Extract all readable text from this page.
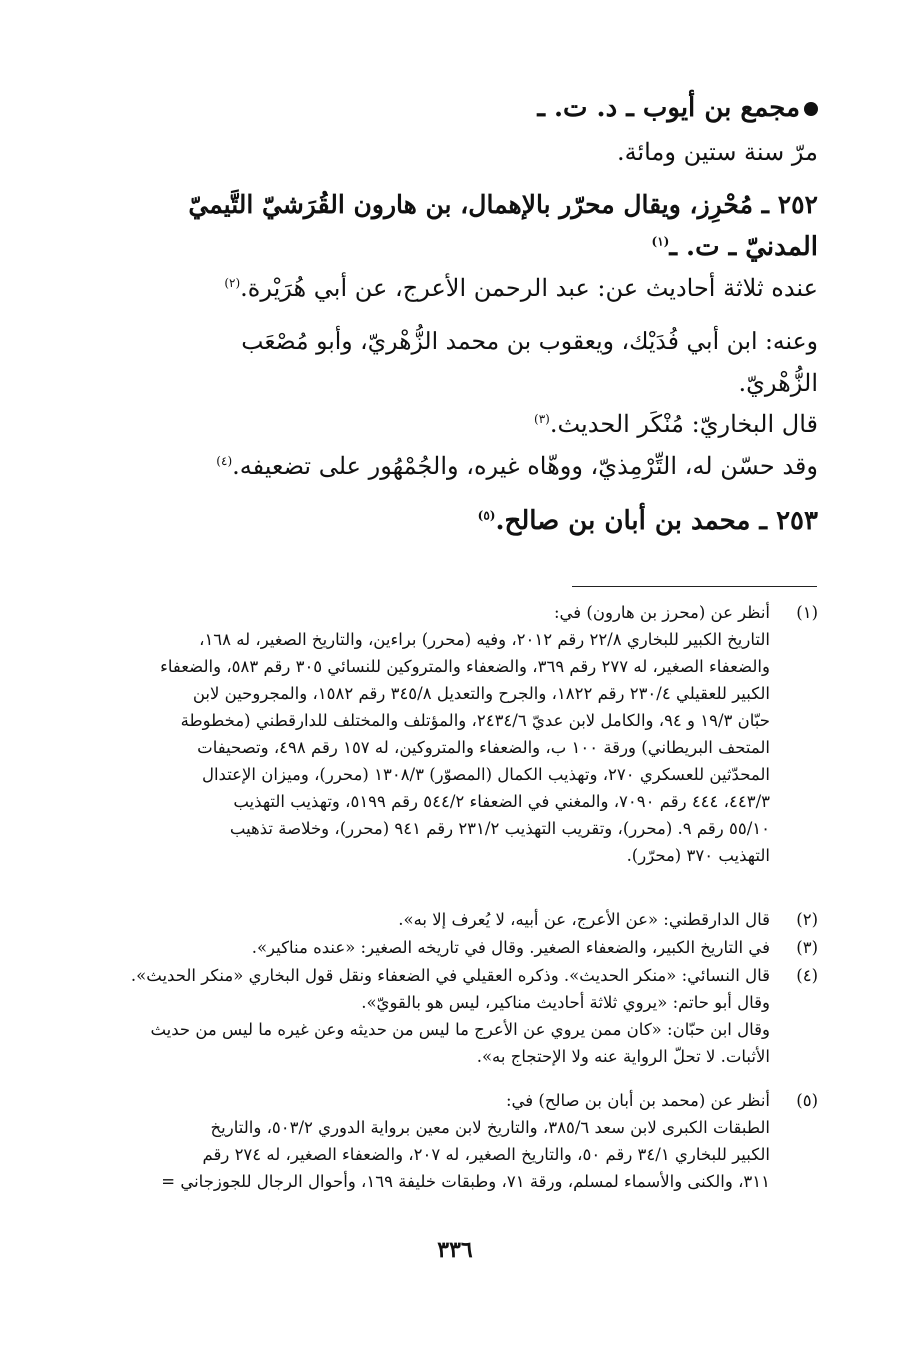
مجمع بن أيوب ـ د. ت. ـ
مرّ سنة ستين ومائة.
٢٥٢ ـ مُحْرِز، ويقال محرّر بالإهمال، بن هارون القُرَشيّ التَّيميّ
المدنيّ ـ ت. ـ$^{(١)}$
عنده ثلاثة أحاديث عن: عبد الرحمن الأعرج، عن أبي هُرَيْرة.$^{(٢)}$
وعنه: ابن أبي فُدَيْك، ويعقوب بن محمد الزُّهْريّ، وأبو مُصْعَب
الزُّهْريّ.
قال البخاريّ: مُنْكَر الحديث.$^{(٣)}$
وقد حسّن له، التِّرْمِذيّ، ووهّاه غيره، والجُمْهُور على تضعيفه.$^{(٤)}$
٢٥٣ ـ محمد بن أبان بن صالح.$^{(٥)}$
(١)
أنظر عن (محرز بن هارون) في:
التاريخ الكبير للبخاري ٢٢/٨ رقم ٢٠١٢، وفيه (محرر) براءين، والتاريخ الصغير، له ١٦٨،
والضعفاء الصغير، له ٢٧٧ رقم ٣٦٩، والضعفاء والمتروكين للنسائي ٣٠٥ رقم ٥٨٣، والضعفاء
الكبير للعقيلي ٢٣٠/٤ رقم ١٨٢٢، والجرح والتعديل ٣٤٥/٨ رقم ١٥٨٢، والمجروحين لابن
حبّان ١٩/٣ و ٩٤، والكامل لابن عديّ ٢٤٣٤/٦، والمؤتلف والمختلف للدارقطني (مخطوطة
المتحف البريطاني) ورقة ١٠٠ ب، والضعفاء والمتروكين، له ١٥٧ رقم ٤٩٨، وتصحيفات
المحدّثين للعسكري ٢٧٠، وتهذيب الكمال (المصوّر) ١٣٠٨/٣ (محرر)، وميزان الإعتدال
٤٤٣/٣، ٤٤٤ رقم ٧٠٩٠، والمغني في الضعفاء ٥٤٤/٢ رقم ٥١٩٩، وتهذيب التهذيب
٥٥/١٠ رقم ٩. (محرر)، وتقريب التهذيب ٢٣١/٢ رقم ٩٤١ (محرر)، وخلاصة تذهيب
التهذيب ٣٧٠ (محرّر).
(٢)
قال الدارقطني: «عن الأعرج، عن أبيه، لا يُعرف إلا به».
(٣)
في التاريخ الكبير، والضعفاء الصغير. وقال في تاريخه الصغير: «عنده مناكير».
(٤)
قال النسائي: «منكر الحديث». وذكره العقيلي في الضعفاء ونقل قول البخاري «منكر الحديث».
وقال أبو حاتم: «يروي ثلاثة أحاديث مناكير، ليس هو بالقويّ».
وقال ابن حبّان: «كان ممن يروي عن الأعرج ما ليس من حديثه وعن غيره ما ليس من حديث
الأثبات. لا تحلّ الرواية عنه ولا الإحتجاج به».
(٥)
أنظر عن (محمد بن أبان بن صالح) في:
الطبقات الكبرى لابن سعد ٣٨٥/٦، والتاريخ لابن معين برواية الدوري ٥٠٣/٢، والتاريخ
الكبير للبخاري ٣٤/١ رقم ٥٠، والتاريخ الصغير، له ٢٠٧، والضعفاء الصغير، له ٢٧٤ رقم
٣١١، والكنى والأسماء لمسلم، ورقة ٧١، وطبقات خليفة ١٦٩، وأحوال الرجال للجوزجاني =
٣٣٦
